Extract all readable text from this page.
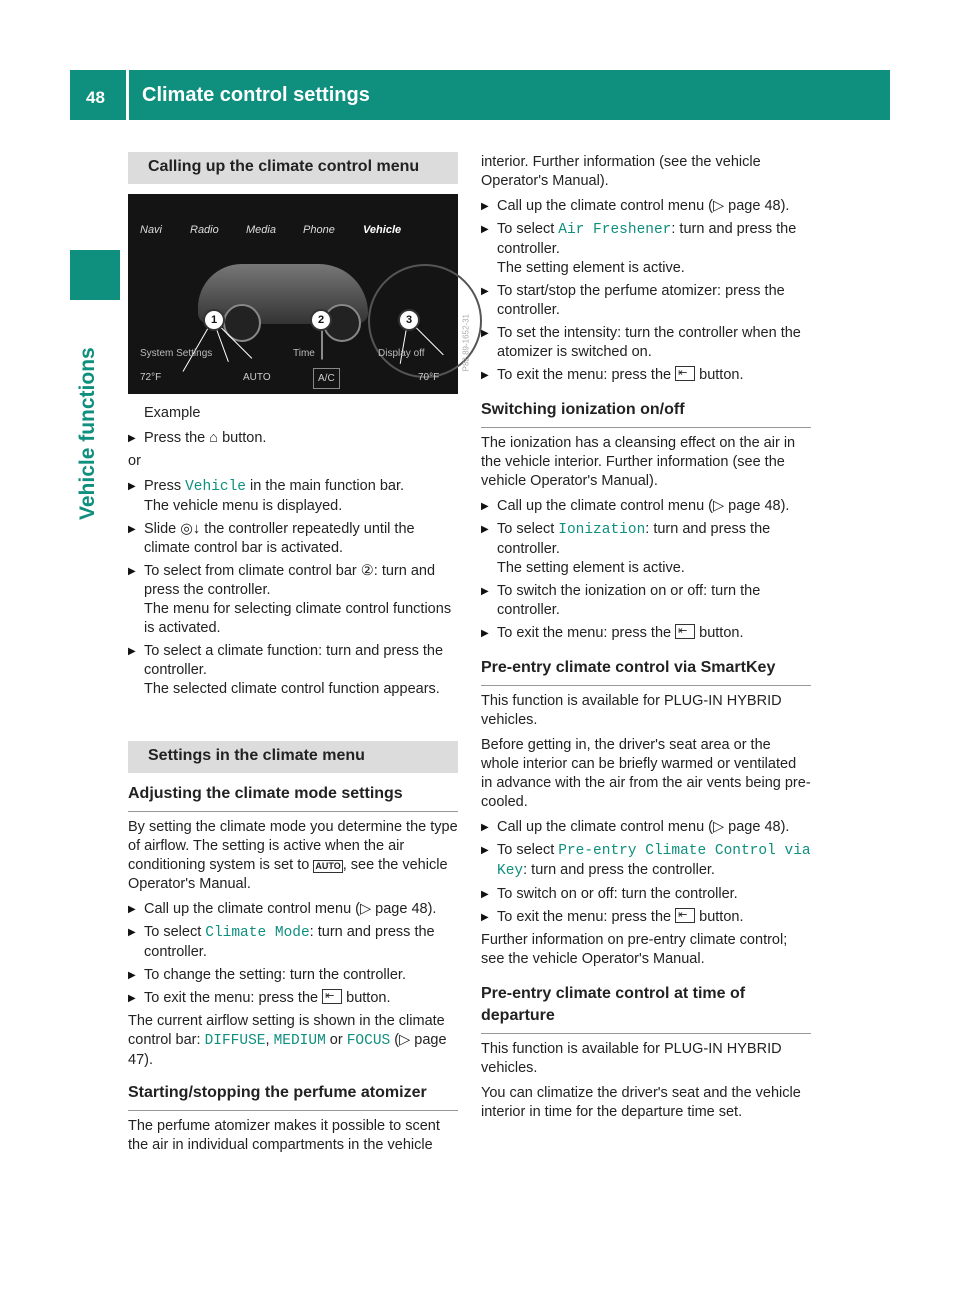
48 Climate control settings
Vehicle functions
Calling up the climate control menu
Navi	Radio Media Phone	Vehicle
1	2	3
System Settings	Time	Display off
72°F	AUTO	A/C	70°F
P82.89-1652-31

Example

▶ Press the ⌂ button.

or

▶ Press Vehicle in the main function bar.
The vehicle menu is displayed.
▶ Slide ◎↓ the controller repeatedly until the climate control bar is activated.
▶ To select from climate control bar ②: turn and press the controller.
The menu for selecting climate control functions is activated.
▶ To select a climate function: turn and press the controller.
The selected climate control function appears.
Settings in the climate menu
Adjusting the climate mode settings

By setting the climate mode you determine the type of airflow. The setting is active when the air conditioning system is set to AUTO , see the vehicle Operator's Manual.

▶ Call up the climate control menu (▷ page 48).
▶ To select Climate Mode: turn and press the controller.
▶ To change the setting: turn the controller.
▶ To exit the menu: press the ⇤ button.

The current airflow setting is shown in the climate control bar: DIFFUSE, MEDIUM or FOCUS (▷ page 47).

Starting/stopping the perfume atomizer

The perfume atomizer makes it possible to scent the air in individual compartments in the vehicle

interior. Further information (see the vehicle Operator's Manual).

▶ Call up the climate control menu (▷ page 48).
▶ To select Air Freshener: turn and press the controller.
The setting element is active.
▶ To start/stop the perfume atomizer: press the controller.
▶ To set the intensity: turn the controller when the atomizer is switched on.
▶ To exit the menu: press the ⇤ button.
Switching ionization on/off

The ionization has a cleansing effect on the air in the vehicle interior. Further information (see the vehicle Operator's Manual).

▶ Call up the climate control menu (▷ page 48).
▶ To select Ionization: turn and press the controller.
The setting element is active.
▶ To switch the ionization on or off: turn the controller.
▶ To exit the menu: press the ⇤ button.
Pre-entry climate control via SmartKey

This function is available for PLUG-IN HYBRID vehicles.

Before getting in, the driver's seat area or the whole interior can be briefly warmed or ventilated in advance with the air from the air vents being pre-cooled.

▶ Call up the climate control menu (▷ page 48).
▶ To select Pre-entry Climate Control via Key: turn and press the controller.
▶ To switch on or off: turn the controller.
▶ To exit the menu: press the ⇤ button.

Further information on pre-entry climate control; see the vehicle Operator's Manual.

Pre-entry climate control at time of departure

This function is available for PLUG-IN HYBRID vehicles.

You can climatize the driver's seat and the vehicle interior in time for the departure time set.
